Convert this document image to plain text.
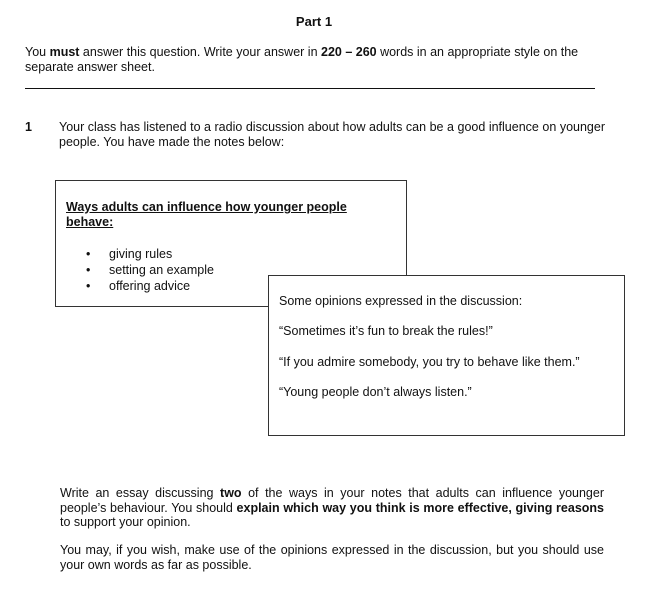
Part 1
You must answer this question. Write your answer in 220 – 260 words in an appropriate style on the separate answer sheet.
1 Your class has listened to a radio discussion about how adults can be a good influence on younger people. You have made the notes below:
Ways adults can influence how younger people behave:
• giving rules
• setting an example
• offering advice
Some opinions expressed in the discussion:
“Sometimes it’s fun to break the rules!”
“If you admire somebody, you try to behave like them.”
“Young people don’t always listen.”
Write an essay discussing two of the ways in your notes that adults can influence younger people’s behaviour. You should explain which way you think is more effective, giving reasons to support your opinion.
You may, if you wish, make use of the opinions expressed in the discussion, but you should use your own words as far as possible.
